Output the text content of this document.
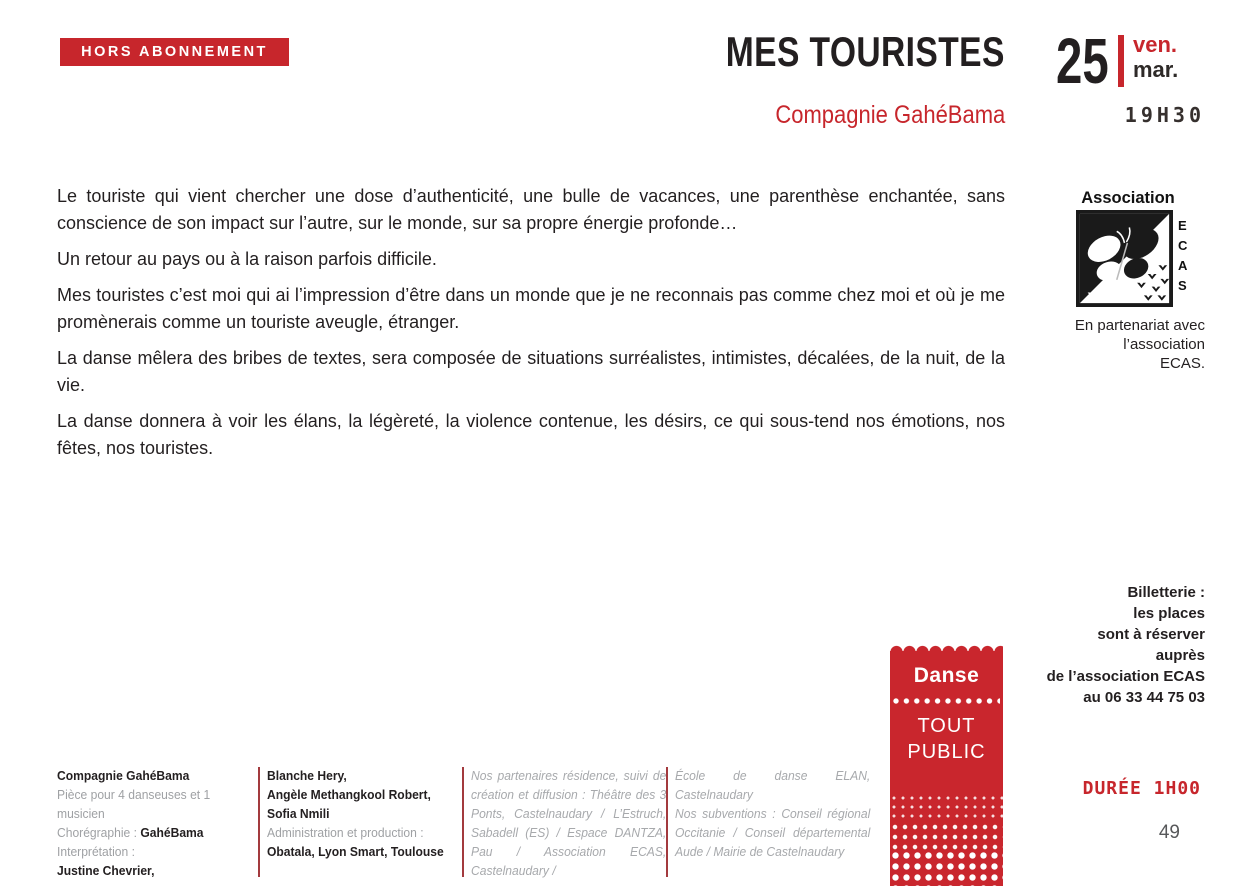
HORS ABONNEMENT	MES TOURISTES
Compagnie GahéBama
25 ven.
mar.
19H30

Le touriste qui vient chercher une dose d’authenticité, une bulle de vacances, une parenthèse enchantée, sans conscience de son impact sur l’autre, sur le monde, sur sa propre énergie profonde…

Un retour au pays ou à la raison parfois difficile.

Mes touristes c’est moi qui ai l’impression d’être dans un monde que je ne reconnais pas comme chez moi et où je me promènerais comme un touriste aveugle, étranger.

La danse mêlera des bribes de textes, sera composée de situations surréalistes, intimistes, décalées, de la nuit, de la vie.

La danse donnera à voir les élans, la légèreté, la violence contenue, les désirs, ce qui sous-tend nos émotions, nos fêtes, nos touristes.

Association
E
C
A
S
En partenariat avec
l’association
ECAS.
Billetterie :
les places
sont à réserver
auprès
de l’association ECAS
au 06 33 44 75 03
Danse
TOUT
PUBLIC
DURÉE 1H00
49
Compagnie GahéBama
Pièce pour 4 danseuses et 1 musicien
Chorégraphie : GahéBama
Interprétation :
Justine Chevrier,
Blanche Hery,
Angèle Methangkool Robert,
Sofia Nmili
Administration et production :
Obatala, Lyon Smart, Toulouse
Nos partenaires résidence, suivi de création et diffusion : Théâtre des 3 Ponts, Castelnaudary / L’Estruch, Sabadell (ES) / Espace DANTZA, Pau / Association ECAS, Castelnaudary /
École de danse ELAN, Castelnaudary
Nos subventions : Conseil régional Occitanie / Conseil départemental Aude / Mairie de Castelnaudary
